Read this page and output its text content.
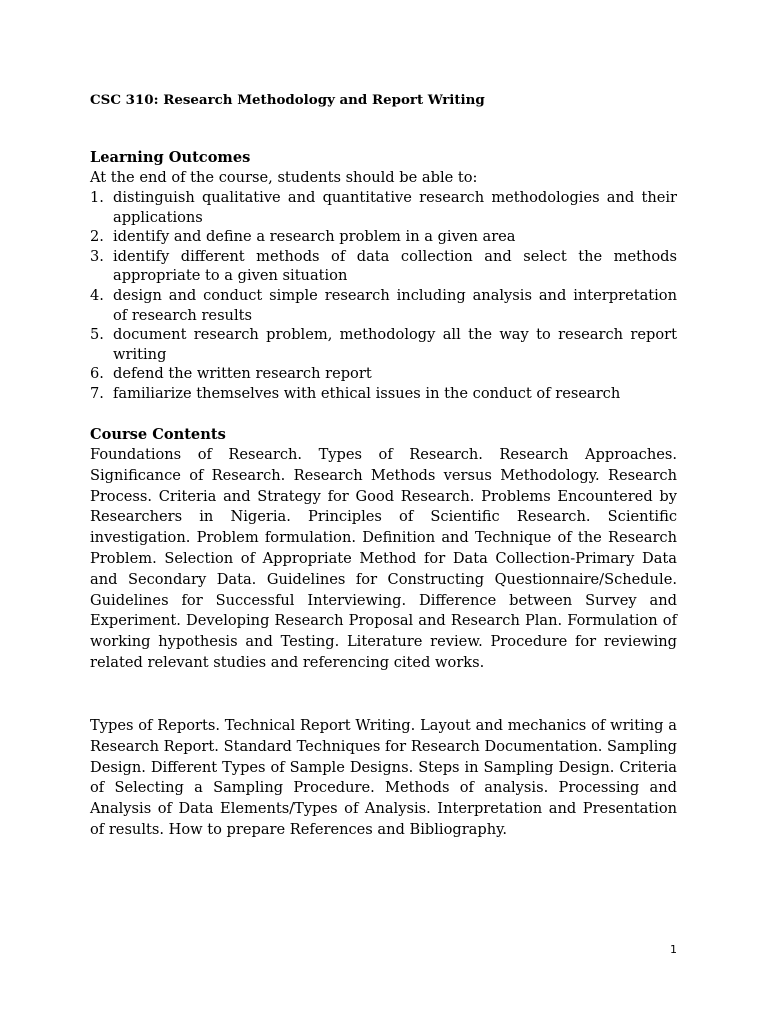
CSC 310: Research Methodology and Report Writing

Learning Outcomes

At the end of the course, students should be able to:

1. distinguish qualitative and quantitative research methodologies and their applications
2. identify and define a research problem in a given area
3. identify different methods of data collection and select the methods appropriate to a given situation
4. design and conduct simple research including analysis and interpretation of research results
5. document research problem, methodology all the way to research report writing
6. defend the written research report
7. familiarize themselves with ethical issues in the conduct of research

Course Contents

Foundations of Research. Types of Research. Research Approaches. Significance of Research. Research Methods versus Methodology. Research Process. Criteria and Strategy for Good Research. Problems Encountered by Researchers in Nigeria. Principles of Scientific Research. Scientific investigation. Problem formulation. Definition and Technique of the Research Problem. Selection of Appropriate Method for Data Collection-Primary Data and Secondary Data. Guidelines for Constructing Questionnaire/Schedule. Guidelines for Successful Interviewing. Difference between Survey and Experiment. Developing Research Proposal and Research Plan. Formulation of working hypothesis and Testing. Literature review. Procedure for reviewing related relevant studies and referencing cited works.

Types of Reports. Technical Report Writing. Layout and mechanics of writing a Research Report. Standard Techniques for Research Documentation. Sampling Design. Different Types of Sample Designs. Steps in Sampling Design. Criteria of Selecting a Sampling Procedure. Methods of analysis. Processing and Analysis of Data Elements/Types of Analysis. Interpretation and Presentation of results. How to prepare References and Bibliography.

1
